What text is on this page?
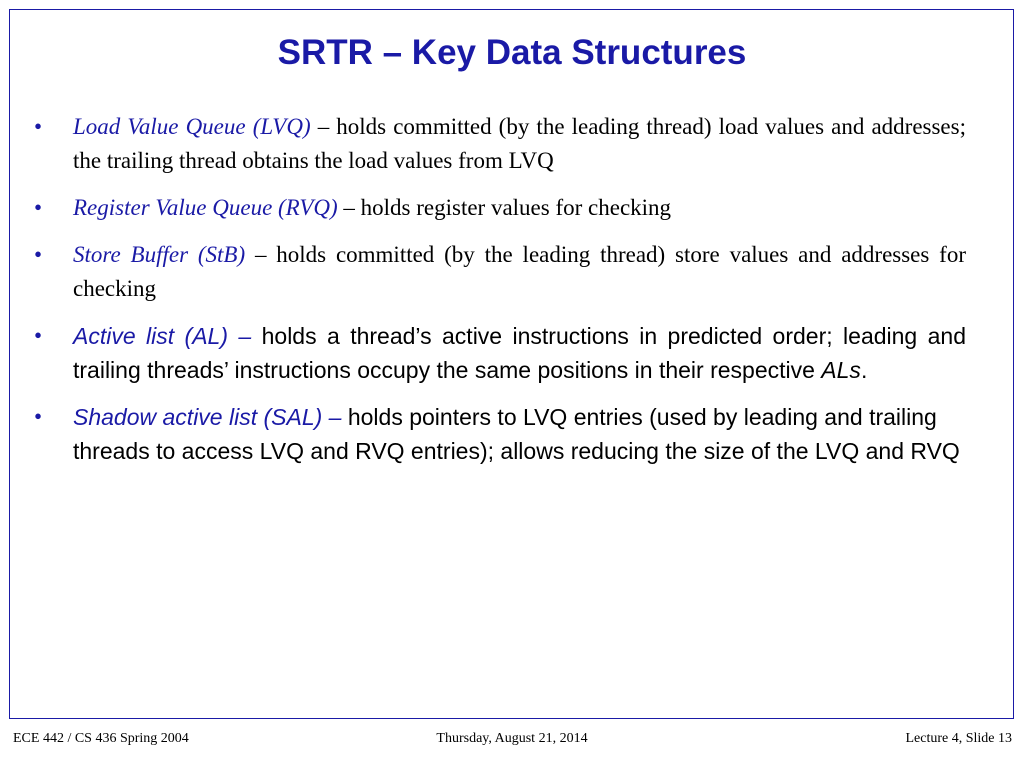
SRTR – Key Data Structures
• Load Value Queue (LVQ) – holds committed (by the leading thread) load values and addresses; the trailing thread obtains the load values from LVQ
• Register Value Queue (RVQ) – holds register values for checking
• Store Buffer (StB) – holds committed (by the leading thread) store values and addresses for checking
• Active list (AL) – holds a thread’s active instructions in predicted order; leading and trailing threads’ instructions occupy the same positions in their respective ALs.
• Shadow active list (SAL) – holds pointers to LVQ entries (used by leading and trailing threads to access LVQ and RVQ entries); allows reducing the size of the LVQ and RVQ
ECE 442 / CS 436 Spring 2004	Thursday, August 21, 2014	Lecture 4, Slide 13
